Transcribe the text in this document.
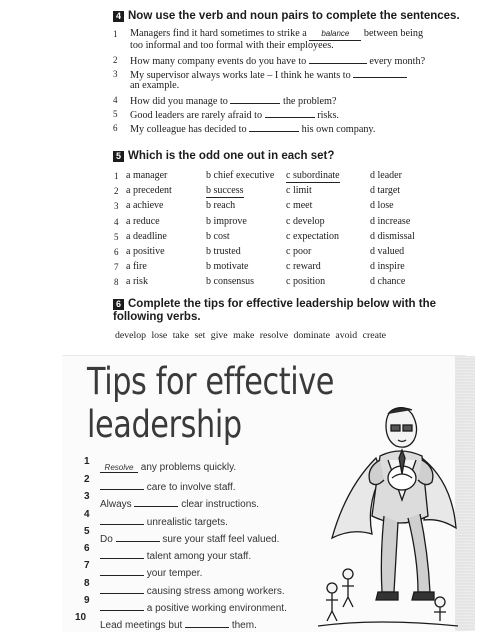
4 Now use the verb and noun pairs to complete the sentences.
1	Managers find it hard sometimes to strike a balance between being
too informal and too formal with their employees.
2	How many company events do you have to	every month?
3	My supervisor always works late – I think he wants to
an example.
4	How did you manage to	the problem?
5	Good leaders are rarely afraid to	risks.
6	My colleague has decided to	his own company.
5 Which is the odd one out in each set?
1 a manager	b chief executive c subordinate	d leader
2 a precedent	b success	c limit	d target
3 a achieve	b reach	c meet	d lose
4 a reduce	b improve	c develop	d increase
5 a deadline	b cost	c expectation	d dismissal
6 a positive	b trusted	c poor	d valued
7 a fire	b motivate	c reward	d inspire
8 a risk	b consensus	c position	d chance
6 Complete the tips for effective leadership below with the
following verbs.
develop lose take set give make resolve dominate avoid create
Tips for effective
leadership
1
Resolve any problems quickly.
2
care to involve staff.
3
Always	clear instructions.
4
unrealistic targets.
5
Do	sure your staff feel valued.
6
talent among your staff.
7
your temper.
8
causing stress among workers.
9
a positive working environment.
10
Lead meetings but	them.
